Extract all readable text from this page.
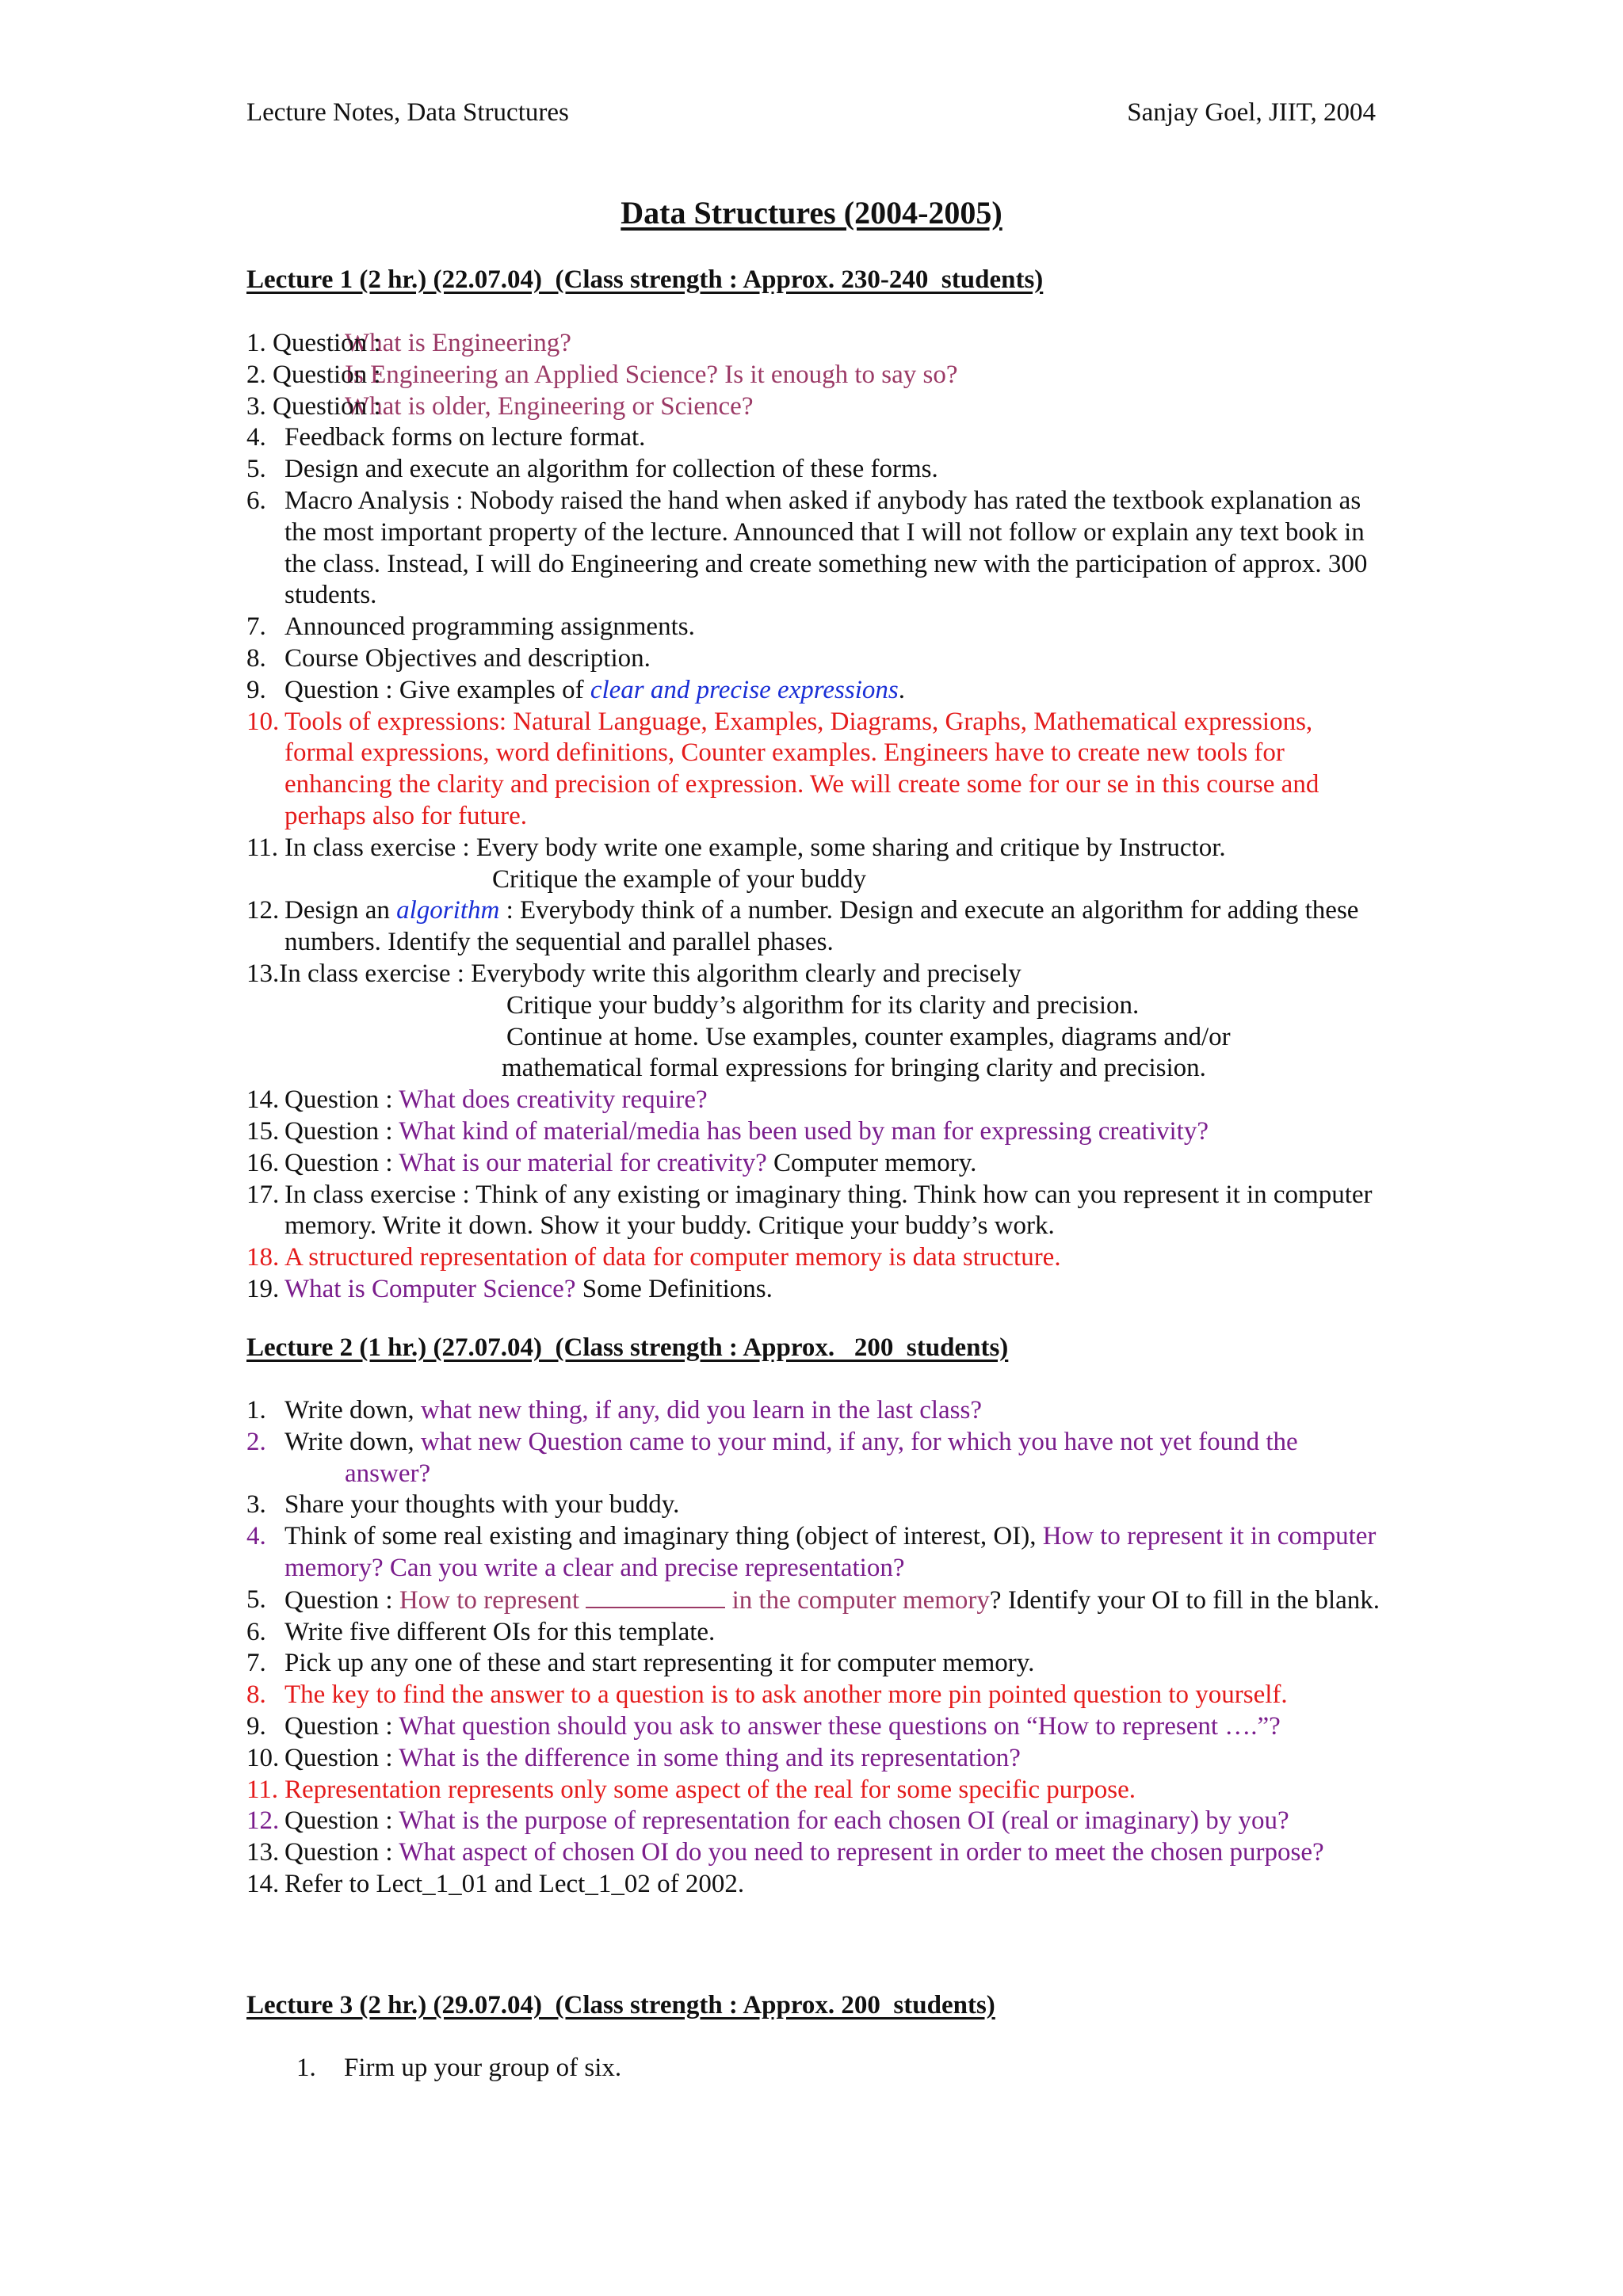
Lecture Notes, Data Structures	Sanjay Goel, JIIT, 2004
Data Structures (2004-2005)
Lecture 1 (2 hr.) (22.07.04)  (Class strength : Approx. 230-240  students)
1. Question :
What is Engineering?
2. Question :
Is Engineering an Applied Science? Is it enough to say so?
3. Question :
What is older, Engineering or Science?
4. Feedback forms on lecture format.
5. Design and execute an algorithm for collection of these forms.
6. Macro Analysis : Nobody raised the hand when asked if anybody has rated the textbook explanation as the most important property of the lecture. Announced that I will not follow or explain any text book in the class. Instead, I will do Engineering and create something new with the participation of approx. 300 students.
7. Announced programming assignments.
8. Course Objectives and description.
9. Question : Give examples of clear and precise expressions.
10. Tools of expressions: Natural Language, Examples, Diagrams, Graphs, Mathematical expressions, formal expressions, word definitions, Counter examples. Engineers have to create new tools for enhancing the clarity and precision of expression. We will create some for our se in this course and perhaps also for future.
11. In class exercise : Every body write one example, some sharing and critique by Instructor.
Critique the example of your buddy
12. Design an algorithm : Everybody think of a number. Design and execute an algorithm for adding these numbers. Identify the sequential and parallel phases.
13.In class exercise : Everybody write this algorithm clearly and precisely
Critique your buddy’s algorithm for its clarity and precision.
Continue at home. Use examples, counter examples, diagrams and/or
mathematical formal expressions for bringing clarity and precision.
14. Question : What does creativity require?
15. Question : What kind of material/media has been used by man for expressing creativity?
16. Question : What is our material for creativity? Computer memory.
17. In class exercise : Think of any existing or imaginary thing. Think how can you represent it in computer memory. Write it down. Show it your buddy. Critique your buddy’s work.
18. A structured representation of data for computer memory is data structure.
19. What is Computer Science? Some Definitions.
Lecture 2 (1 hr.) (27.07.04)  (Class strength : Approx.   200  students)
1. Write down, what new thing, if any, did you learn in the last class?
2. Write down, what new Question came to your mind, if any, for which you have not yet found the
answer?
3. Share your thoughts with your buddy.
4. Think of some real existing and imaginary thing (object of interest, OI), How to represent it in computer memory? Can you write a clear and precise representation?
5. Question : How to represent	in the computer memory? Identify your OI to fill in the blank.
6. Write five different OIs for this template.
7. Pick up any one of these and start representing it for computer memory.
8. The key to find the answer to a question is to ask another more pin pointed question to yourself.
9. Question : What question should you ask to answer these questions on “How to represent ….”?
10. Question : What is the difference in some thing and its representation?
11. Representation represents only some aspect of the real for some specific purpose.
12. Question : What is the purpose of representation for each chosen OI (real or imaginary) by you?
13. Question : What aspect of chosen OI do you need to represent in order to meet the chosen purpose?
14. Refer to Lect_1_01 and Lect_1_02 of 2002.
Lecture 3 (2 hr.) (29.07.04)  (Class strength : Approx. 200  students)
1. Firm up your group of six.
